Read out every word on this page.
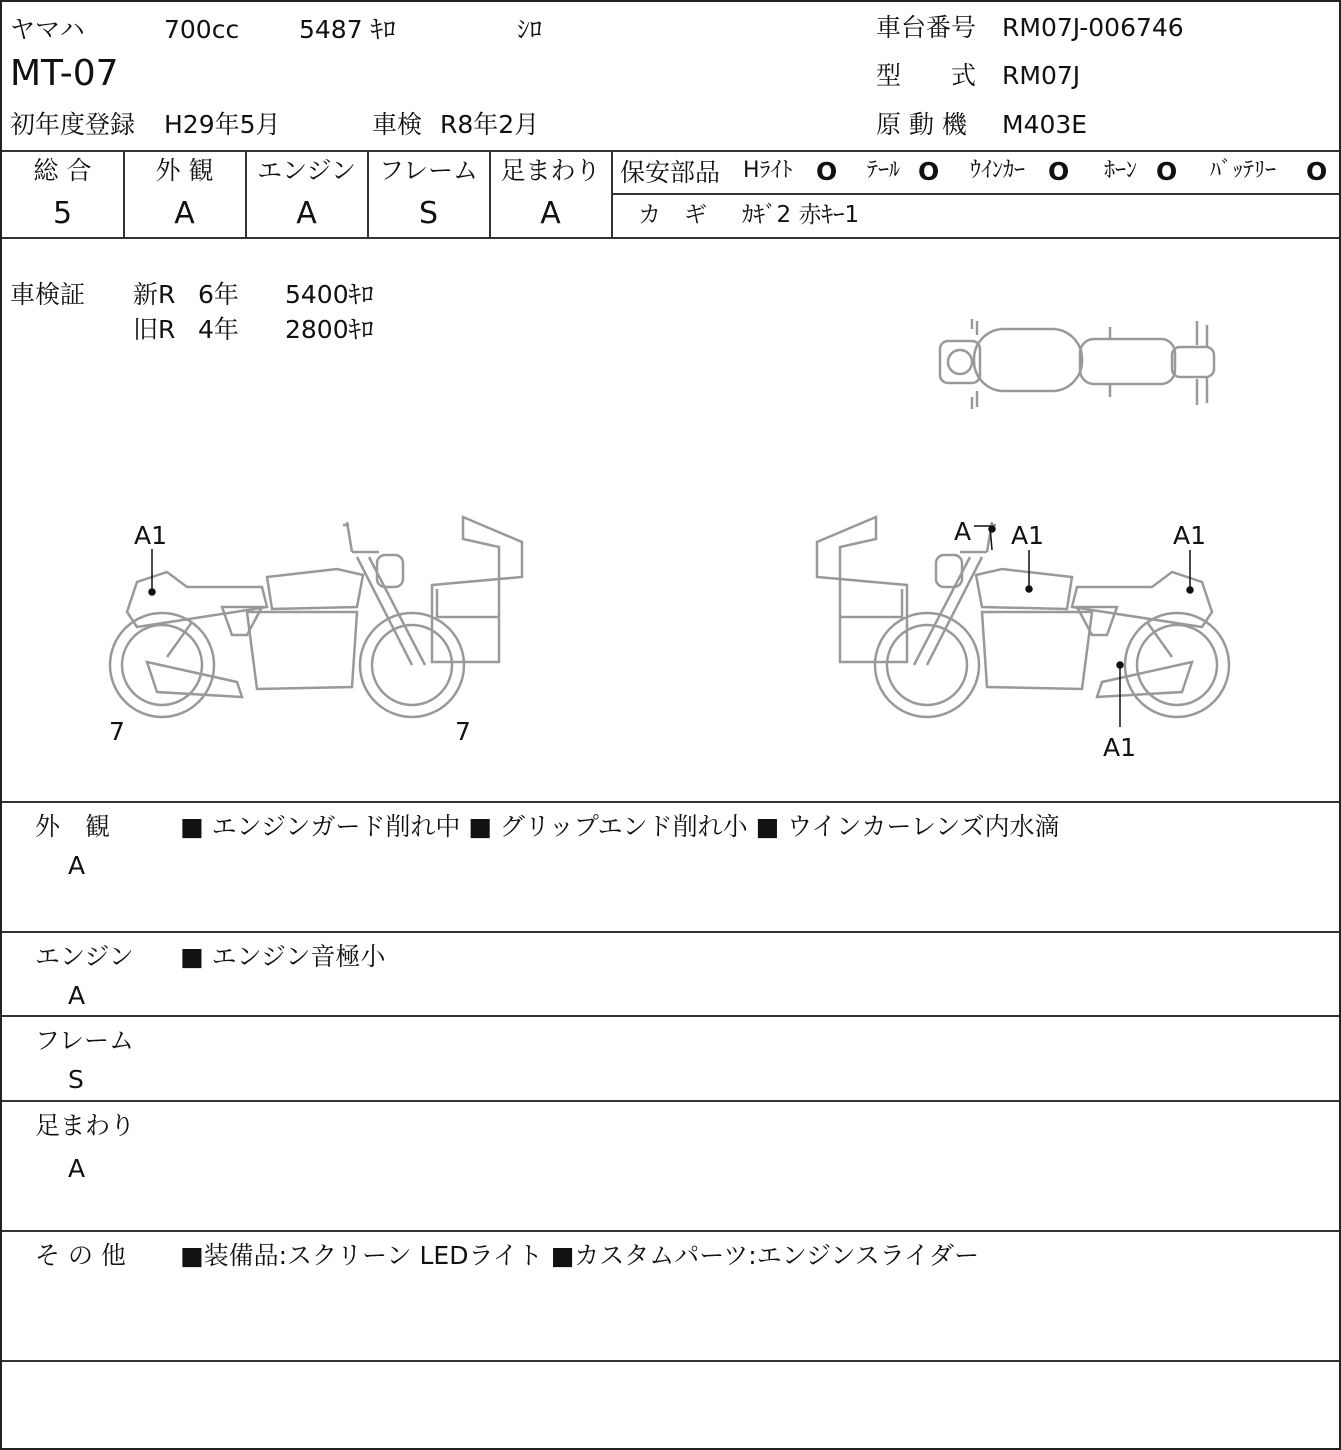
ヤマハ	700cc 5487 ｷﾛ	ｼﾛ
MT-07
初年度登録 H29年5月	車検 R8年2月
車台番号 RM07J-006746
型　　式 RM07J
原 動 機 M403E
総 合
5
外 観
A
エンジン
A
フレーム
S
足まわり
A
保安部品 Hﾗｲﾄ O ﾃｰﾙ O ｳｲﾝｶｰ O ﾎｰﾝ O ﾊﾞｯﾃﾘｰ O
カ　ギ ｶｷﾞ2 赤ｷｰ1
車検証 新R 6年 5400ｷﾛ
旧R 4年 2800ｷﾛ
A1
7	7
A A1	A1
A1
外　観
A
■ エンジンガード削れ中 ■ グリップエンド削れ小 ■ ウインカーレンズ内水滴
エンジン
A
■ エンジン音極小
フレーム
S
足まわり
A
そ の 他 ■装備品:スクリーン LEDライト ■カスタムパーツ:エンジンスライダー
